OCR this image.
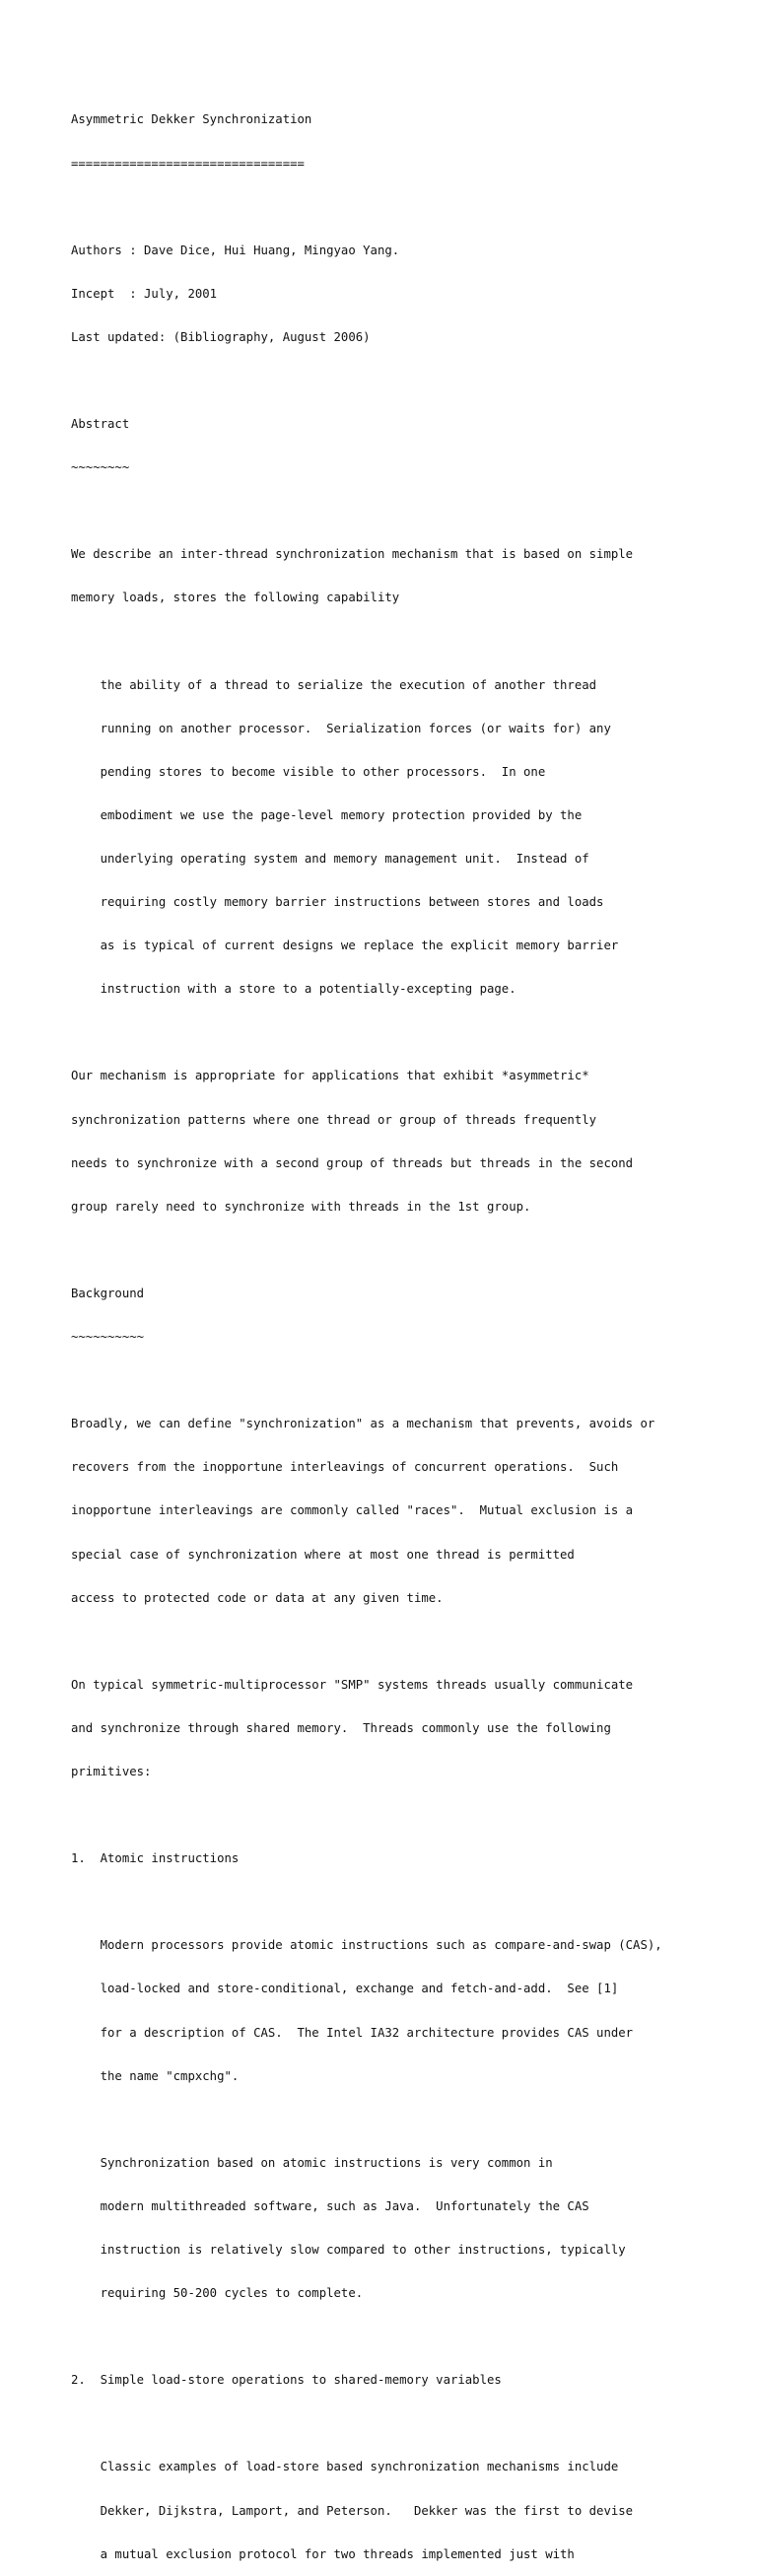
Asymmetric Dekker Synchronization

================================

Authors : Dave Dice, Hui Huang, Mingyao Yang.

Incept  : July, 2001

Last updated: (Bibliography, August 2006)

Abstract

~~~~~~~~

We describe an inter-thread synchronization mechanism that is based on simple

memory loads, stores the following capability

the ability of a thread to serialize the execution of another thread

running on another processor.  Serialization forces (or waits for) any

pending stores to become visible to other processors.  In one

embodiment we use the page-level memory protection provided by the

underlying operating system and memory management unit.  Instead of

requiring costly memory barrier instructions between stores and loads

as is typical of current designs we replace the explicit memory barrier

instruction with a store to a potentially-excepting page.

Our mechanism is appropriate for applications that exhibit *asymmetric*

synchronization patterns where one thread or group of threads frequently

needs to synchronize with a second group of threads but threads in the second

group rarely need to synchronize with threads in the 1st group.

Background

~~~~~~~~~~

Broadly, we can define "synchronization" as a mechanism that prevents, avoids or

recovers from the inopportune interleavings of concurrent operations.  Such

inopportune interleavings are commonly called "races".  Mutual exclusion is a

special case of synchronization where at most one thread is permitted

access to protected code or data at any given time.

On typical symmetric-multiprocessor "SMP" systems threads usually communicate

and synchronize through shared memory.  Threads commonly use the following

primitives:

1.  Atomic instructions

Modern processors provide atomic instructions such as compare-and-swap (CAS),

load-locked and store-conditional, exchange and fetch-and-add.  See [1]

for a description of CAS.  The Intel IA32 architecture provides CAS under

the name "cmpxchg".

Synchronization based on atomic instructions is very common in

modern multithreaded software, such as Java.  Unfortunately the CAS

instruction is relatively slow compared to other instructions, typically

requiring 50-200 cycles to complete.

2.  Simple load-store operations to shared-memory variables

Classic examples of load-store based synchronization mechanisms include

Dekker, Dijkstra, Lamport, and Peterson.   Dekker was the first to devise

a mutual exclusion protocol for two threads implemented just with
